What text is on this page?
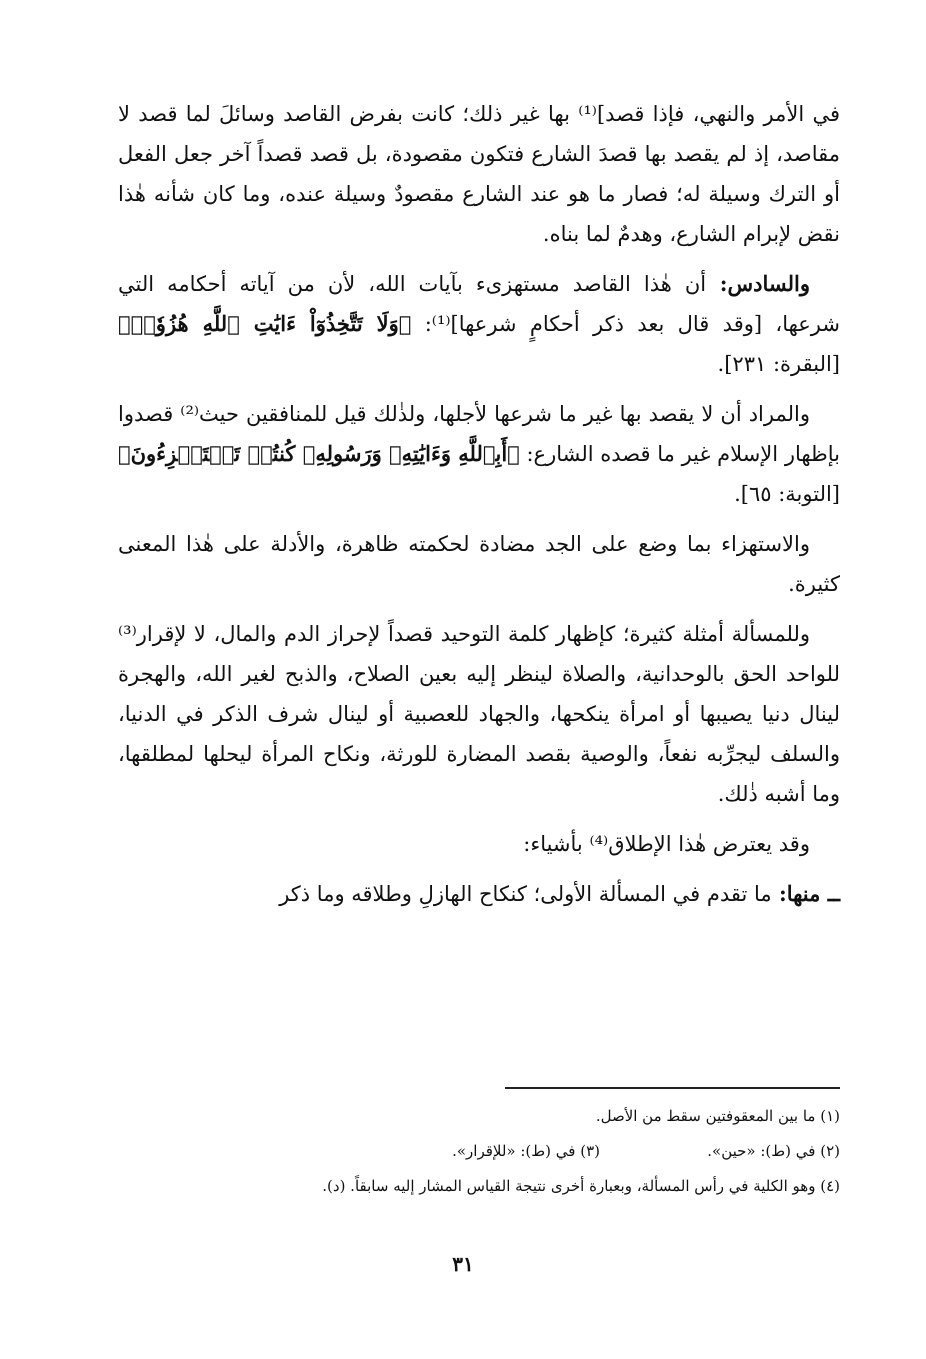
في الأمر والنهي، فإذا قصد]⁽¹⁾ بها غير ذلك؛ كانت بفرض القاصد وسائلَ لما قصد لا مقاصد، إذ لم يقصد بها قصدَ الشارع فتكون مقصودة، بل قصد قصداً آخر جعل الفعل أو الترك وسيلة له؛ فصار ما هو عند الشارع مقصودٌ وسيلة عنده، وما كان شأنه هٰذا نقض لإبرام الشارع، وهدمٌ لما بناه.

والسادس: أن هٰذا القاصد مستهزىء بآيات الله، لأن من آياته أحكامه التي شرعها، [وقد قال بعد ذكر أحكامٍ شرعها]⁽¹⁾: ﴿وَلَا تَتَّخِذُوٓاْ ءَايَٰتِ ٱللَّهِ هُزُوٗاۚ﴾ [البقرة: ٢٣١].

والمراد أن لا يقصد بها غير ما شرعها لأجلها، ولذٰلك قيل للمنافقين حيث⁽²⁾ قصدوا بإظهار الإسلام غير ما قصده الشارع: ﴿أَبِٱللَّهِ وَءَايَٰتِهِۦ وَرَسُولِهِۦ كُنتُمۡ تَسۡتَهۡزِءُونَ﴾ [التوبة: ٦٥].

والاستهزاء بما وضع على الجد مضادة لحكمته ظاهرة، والأدلة على هٰذا المعنى كثيرة.

وللمسألة أمثلة كثيرة؛ كإظهار كلمة التوحيد قصداً لإحراز الدم والمال، لا لإقرار⁽³⁾ للواحد الحق بالوحدانية، والصلاة لينظر إليه بعين الصلاح، والذبح لغير الله، والهجرة لينال دنيا يصيبها أو امرأة ينكحها، والجهاد للعصبية أو لينال شرف الذكر في الدنيا، والسلف ليجرِّبه نفعاً، والوصية بقصد المضارة للورثة، ونكاح المرأة ليحلها لمطلقها، وما أشبه ذٰلك.

وقد يعترض هٰذا الإطلاق⁽⁴⁾ بأشياء:

ــ منها: ما تقدم في المسألة الأولى؛ كنكاح الهازلِ وطلاقه وما ذكر

(١) ما بين المعقوفتين سقط من الأصل.
(٢) في (ط): «حين».
(٣) في (ط): «للإقرار».
(٤) وهو الكلية في رأس المسألة، وبعبارة أخرى نتيجة القياس المشار إليه سابقاً. (د).
٣١
